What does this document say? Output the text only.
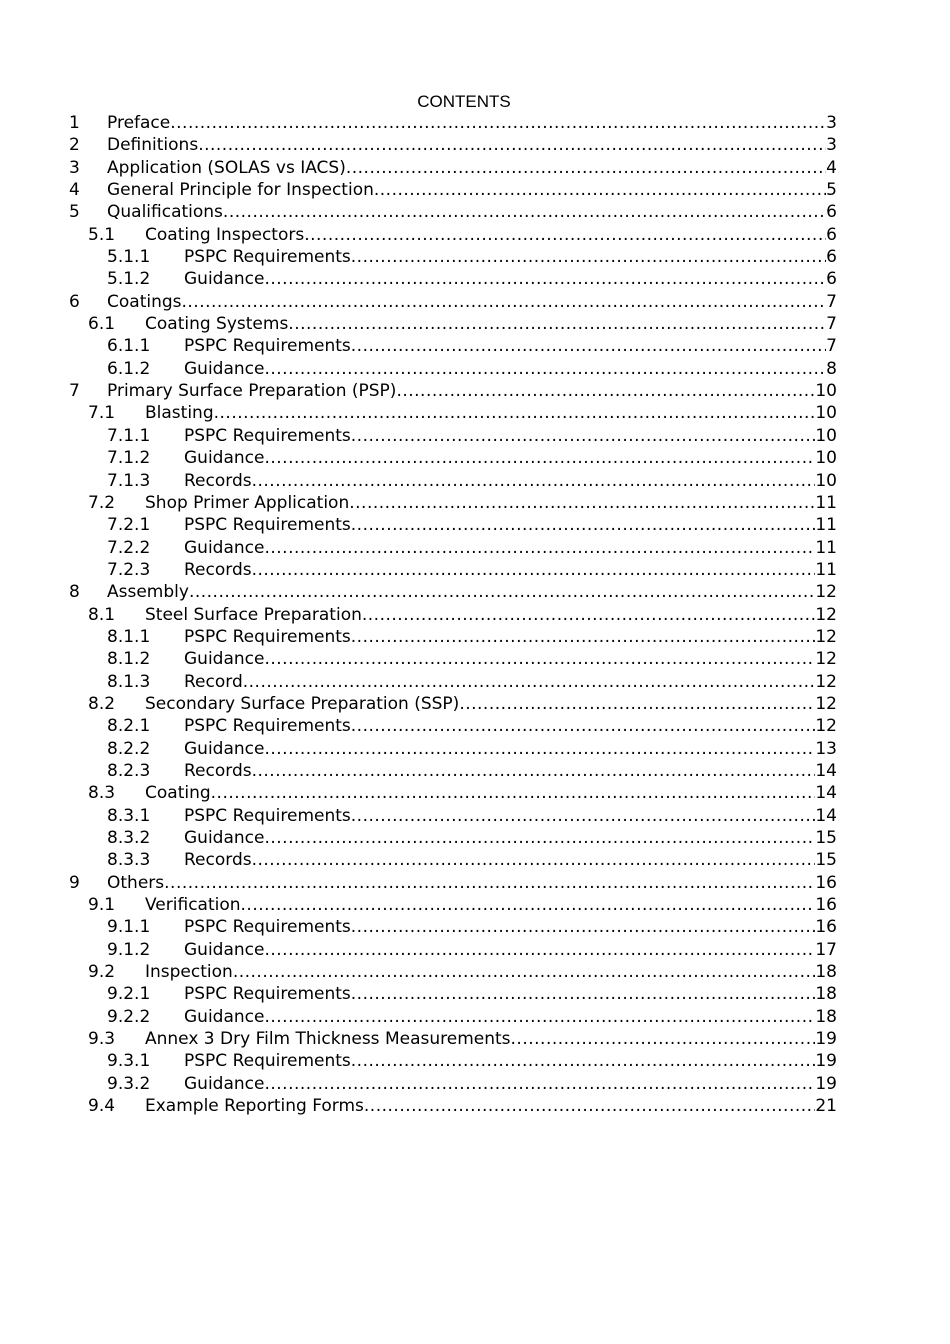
CONTENTS
1 Preface .....	3
2 Definitions .....	3
3 Application (SOLAS vs IACS) .....	4
4 General Principle for Inspection .....	5
5 Qualifications .....	6
5.1 Coating Inspectors .....	6
5.1.1 PSPC Requirements .....	6
5.1.2 Guidance .....	6
6 Coatings .....	7
6.1 Coating Systems .....	7
6.1.1 PSPC Requirements .....	7
6.1.2 Guidance .....	8
7 Primary Surface Preparation (PSP) .....	10
7.1 Blasting .....	10
7.1.1 PSPC Requirements .....	10
7.1.2 Guidance .....	10
7.1.3 Records .....	10
7.2 Shop Primer Application .....	11
7.2.1 PSPC Requirements .....	11
7.2.2 Guidance .....	11
7.2.3 Records .....	11
8 Assembly .....	12
8.1 Steel Surface Preparation .....	12
8.1.1 PSPC Requirements .....	12
8.1.2 Guidance .....	12
8.1.3 Record .....	12
8.2 Secondary Surface Preparation (SSP) .....	12
8.2.1 PSPC Requirements .....	12
8.2.2 Guidance .....	13
8.2.3 Records .....	14
8.3 Coating .....	14
8.3.1 PSPC Requirements .....	14
8.3.2 Guidance .....	15
8.3.3 Records .....	15
9 Others .....	16
9.1 Verification .....	16
9.1.1 PSPC Requirements .....	16
9.1.2 Guidance .....	17
9.2 Inspection .....	18
9.2.1 PSPC Requirements .....	18
9.2.2 Guidance .....	18
9.3 Annex 3 Dry Film Thickness Measurements .....	19
9.3.1 PSPC Requirements .....	19
9.3.2 Guidance .....	19
9.4 Example Reporting Forms .....	21
